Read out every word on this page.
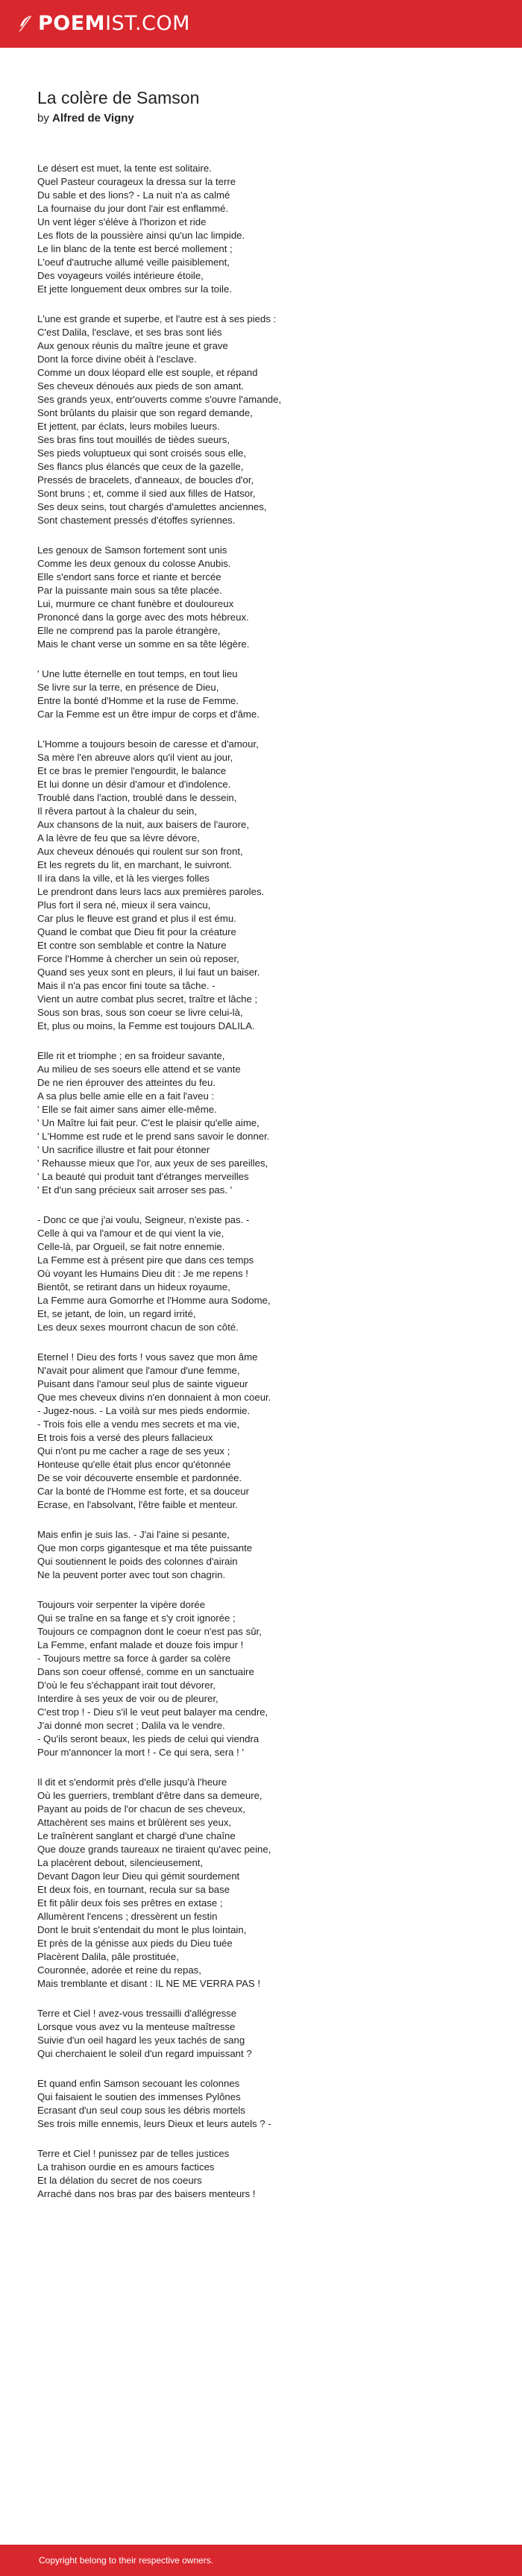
POEM IST.COM
La colère de Samson
by Alfred de Vigny
Le désert est muet, la tente est solitaire.
Quel Pasteur courageux la dressa sur la terre
Du sable et des lions? - La nuit n'a as calmé
La fournaise du jour dont l'air est enflammé.
Un vent léger s'élève à l'horizon et ride
Les flots de la poussière ainsi qu'un lac limpide.
Le lin blanc de la tente est bercé mollement ;
L'oeuf d'autruche allumé veille paisiblement,
Des voyageurs voilés intérieure étoile,
Et jette longuement deux ombres sur la toile.
L'une est grande et superbe, et l'autre est à ses pieds :
C'est Dalila, l'esclave, et ses bras sont liés
Aux genoux réunis du maître jeune et grave
Dont la force divine obéit à l'esclave.
Comme un doux léopard elle est souple, et répand
Ses cheveux dénoués aux pieds de son amant.
Ses grands yeux, entr'ouverts comme s'ouvre l'amande,
Sont brûlants du plaisir que son regard demande,
Et jettent, par éclats, leurs mobiles lueurs.
Ses bras fins tout mouillés de tièdes sueurs,
Ses pieds voluptueux qui sont croisés sous elle,
Ses flancs plus élancés que ceux de la gazelle,
Pressés de bracelets, d'anneaux, de boucles d'or,
Sont bruns ; et, comme il sied aux filles de Hatsor,
Ses deux seins, tout chargés d'amulettes anciennes,
Sont chastement pressés d'étoffes syriennes.
Les genoux de Samson fortement sont unis
Comme les deux genoux du colosse Anubis.
Elle s'endort sans force et riante et bercée
Par la puissante main sous sa tête placée.
Lui, murmure ce chant funèbre et douloureux
Prononcé dans la gorge avec des mots hébreux.
Elle ne comprend pas la parole étrangère,
Mais le chant verse un somme en sa tête légère.
' Une lutte éternelle en tout temps, en tout lieu
Se livre sur la terre, en présence de Dieu,
Entre la bonté d'Homme et la ruse de Femme.
Car la Femme est un être impur de corps et d'âme.
L'Homme a toujours besoin de caresse et d'amour,
Sa mère l'en abreuve alors qu'il vient au jour,
Et ce bras le premier l'engourdit, le balance
Et lui donne un désir d'amour et d'indolence.
Troublé dans l'action, troublé dans le dessein,
Il rêvera partout à la chaleur du sein,
Aux chansons de la nuit, aux baisers de l'aurore,
A la lèvre de feu que sa lèvre dévore,
Aux cheveux dénoués qui roulent sur son front,
Et les regrets du lit, en marchant, le suivront.
Il ira dans la ville, et là les vierges folles
Le prendront dans leurs lacs aux premières paroles.
Plus fort il sera né, mieux il sera vaincu,
Car plus le fleuve est grand et plus il est ému.
Quand le combat que Dieu fit pour la créature
Et contre son semblable et contre la Nature
Force l'Homme à chercher un sein où reposer,
Quand ses yeux sont en pleurs, il lui faut un baiser.
Mais il n'a pas encor fini toute sa tâche. -
Vient un autre combat plus secret, traître et lâche ;
Sous son bras, sous son coeur se livre celui-là,
Et, plus ou moins, la Femme est toujours DALILA.
Elle rit et triomphe ; en sa froideur savante,
Au milieu de ses soeurs elle attend et se vante
De ne rien éprouver des atteintes du feu.
A sa plus belle amie elle en a fait l'aveu :
' Elle se fait aimer sans aimer elle-même.
' Un Maître lui fait peur. C'est le plaisir qu'elle aime,
' L'Homme est rude et le prend sans savoir le donner.
' Un sacrifice illustre et fait pour étonner
' Rehausse mieux que l'or, aux yeux de ses pareilles,
' La beauté qui produit tant d'étranges merveilles
' Et d'un sang précieux sait arroser ses pas. '
- Donc ce que j'ai voulu, Seigneur, n'existe pas. -
Celle à qui va l'amour et de qui vient la vie,
Celle-là, par Orgueil, se fait notre ennemie.
La Femme est à présent pire que dans ces temps
Où voyant les Humains Dieu dit : Je me repens !
Bientôt, se retirant dans un hideux royaume,
La Femme aura Gomorrhe et l'Homme aura Sodome,
Et, se jetant, de loin, un regard irrité,
Les deux sexes mourront chacun de son côté.
Eternel ! Dieu des forts ! vous savez que mon âme
N'avait pour aliment que l'amour d'une femme,
Puisant dans l'amour seul plus de sainte vigueur
Que mes cheveux divins n'en donnaient à mon coeur.
- Jugez-nous. - La voilà sur mes pieds endormie.
- Trois fois elle a vendu mes secrets et ma vie,
Et trois fois a versé des pleurs fallacieux
Qui n'ont pu me cacher a rage de ses yeux ;
Honteuse qu'elle était plus encor qu'étonnée
De se voir découverte ensemble et pardonnée.
Car la bonté de l'Homme est forte, et sa douceur
Ecrase, en l'absolvant, l'être faible et menteur.
Mais enfin je suis las. - J'ai l'aine si pesante,
Que mon corps gigantesque et ma tête puissante
Qui soutiennent le poids des colonnes d'airain
Ne la peuvent porter avec tout son chagrin.
Toujours voir serpenter la vipère dorée
Qui se traîne en sa fange et s'y croit ignorée ;
Toujours ce compagnon dont le coeur n'est pas sûr,
La Femme, enfant malade et douze fois impur !
- Toujours mettre sa force à garder sa colère
Dans son coeur offensé, comme en un sanctuaire
D'où le feu s'échappant irait tout dévorer,
Interdire à ses yeux de voir ou de pleurer,
C'est trop ! - Dieu s'il le veut peut balayer ma cendre,
J'ai donné mon secret ; Dalila va le vendre.
- Qu'ils seront beaux, les pieds de celui qui viendra
Pour m'annoncer la mort ! - Ce qui sera, sera ! '
Il dit et s'endormit près d'elle jusqu'à l'heure
Où les guerriers, tremblant d'être dans sa demeure,
Payant au poids de l'or chacun de ses cheveux,
Attachèrent ses mains et brûlèrent ses yeux,
Le traînèrent sanglant et chargé d'une chaîne
Que douze grands taureaux ne tiraient qu'avec peine,
La placèrent debout, silencieusement,
Devant Dagon leur Dieu qui gémit sourdement
Et deux fois, en tournant, recula sur sa base
Et fit pâlir deux fois ses prêtres en extase ;
Allumèrent l'encens ; dressèrent un festin
Dont le bruit s'entendait du mont le plus lointain,
Et près de la génisse aux pieds du Dieu tuée
Placèrent Dalila, pâle prostituée,
Couronnée, adorée et reine du repas,
Mais tremblante et disant : IL NE ME VERRA PAS !
Terre et Ciel ! avez-vous tressailli d'allégresse
Lorsque vous avez vu la menteuse maîtresse
Suivie d'un oeil hagard les yeux tachés de sang
Qui cherchaient le soleil d'un regard impuissant ?
Et quand enfin Samson secouant les colonnes
Qui faisaient le soutien des immenses Pylônes
Ecrasant d'un seul coup sous les débris mortels
Ses trois mille ennemis, leurs Dieux et leurs autels ? -
Terre et Ciel ! punissez par de telles justices
La trahison ourdie en es amours factices
Et la délation du secret de nos coeurs
Arraché dans nos bras par des baisers menteurs !
Copyright belong to their respective owners.
